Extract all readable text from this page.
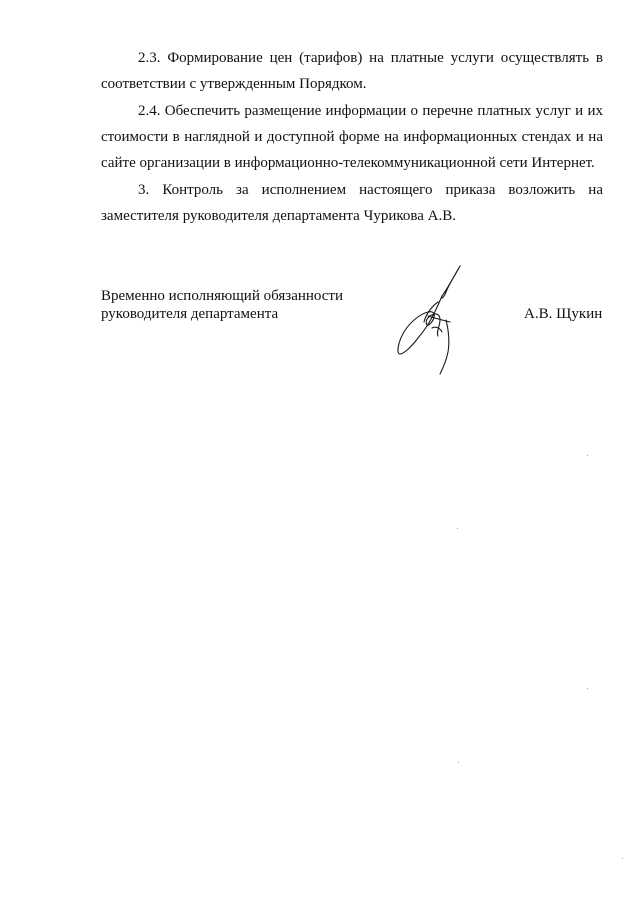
2.3. Формирование цен (тарифов) на платные услуги осуществлять в соответствии с утвержденным Порядком.

2.4. Обеспечить размещение информации о перечне платных услуг и их стоимости в наглядной и доступной форме на информационных стендах и на сайте организации в информационно-телекоммуникационной сети Интернет.

3. Контроль за исполнением настоящего приказа возложить на заместителя руководителя департамента Чурикова А.В.

Временно исполняющий обязанности
руководителя департамента	А.В. Щукин
